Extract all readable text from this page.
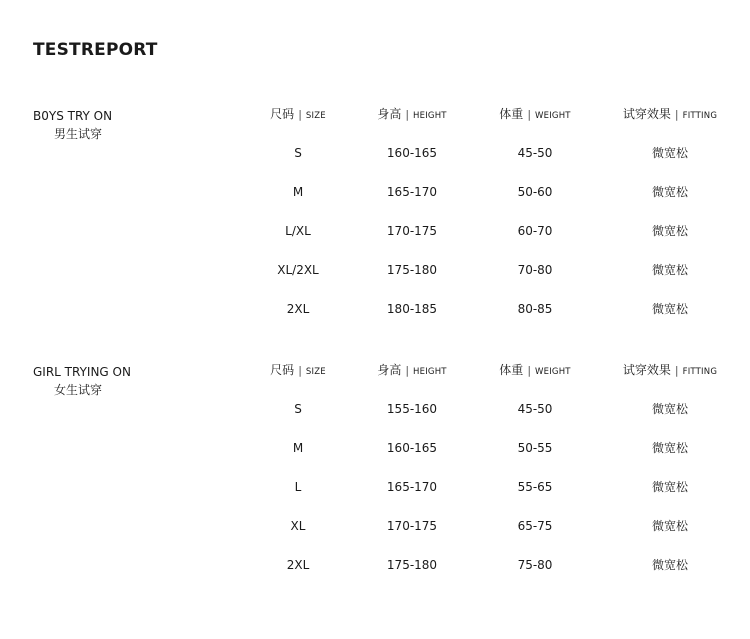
TESTREPORT
B0YS TRY ON
男生试穿
尺码 | SIZE	身高 | HEIGHT	体重 | WEIGHT	试穿效果 | FITTING
S	160-165	45-50	微宽松
M	165-170	50-60	微宽松
L/XL	170-175	60-70	微宽松
XL/2XL	175-180	70-80	微宽松
2XL	180-185	80-85	微宽松
GIRL TRYING ON
女生试穿
尺码 | SIZE	身高 | HEIGHT	体重 | WEIGHT	试穿效果 | FITTING
S	155-160	45-50	微宽松
M	160-165	50-55	微宽松
L	165-170	55-65	微宽松
XL	170-175	65-75	微宽松
2XL	175-180	75-80	微宽松
